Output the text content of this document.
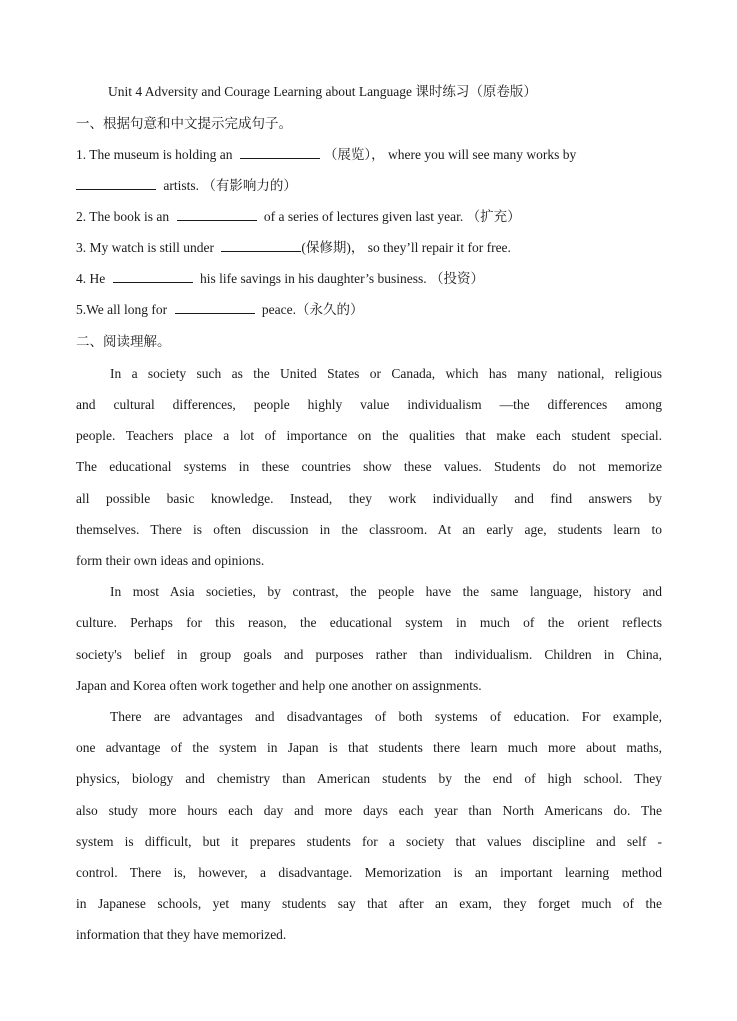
Unit 4 Adversity and Courage Learning about Language 课时练习（原卷版）
一、根据句意和中文提示完成句子。
1. The museum is holding an	（展览）， where you will see many works by
artists. （有影响力的）
2. The book is an	of a series of lectures given last year. （扩充）
3. My watch is still under	(保修期)， so they’ll repair it for free.
4. He	his life savings in his daughter’s business. （投资）
5.We all long for	peace.（永久的）
二、阅读理解。
In a society such as the United States or Canada, which has many national, religious
and cultural differences, people highly value individualism —the differences among
people. Teachers place a lot of importance on the qualities that make each student special.
The educational systems in these countries show these values. Students do not memorize
all possible basic knowledge. Instead, they work individually and find answers by
themselves. There is often discussion in the classroom. At an early age, students learn to
form their own ideas and opinions.
In most Asia societies, by contrast, the people have the same language, history and
culture. Perhaps for this reason, the educational system in much of the orient reflects
society's belief in group goals and purposes rather than individualism. Children in China,
Japan and Korea often work together and help one another on assignments.
There are advantages and disadvantages of both systems of education. For example,
one advantage of the system in Japan is that students there learn much more about maths,
physics, biology and chemistry than American students by the end of high school. They
also study more hours each day and more days each year than North Americans do. The
system is difficult, but it prepares students for a society that values discipline and self -
control. There is, however, a disadvantage. Memorization is an important learning method
in Japanese schools, yet many students say that after an exam, they forget much of the
information that they have memorized.
